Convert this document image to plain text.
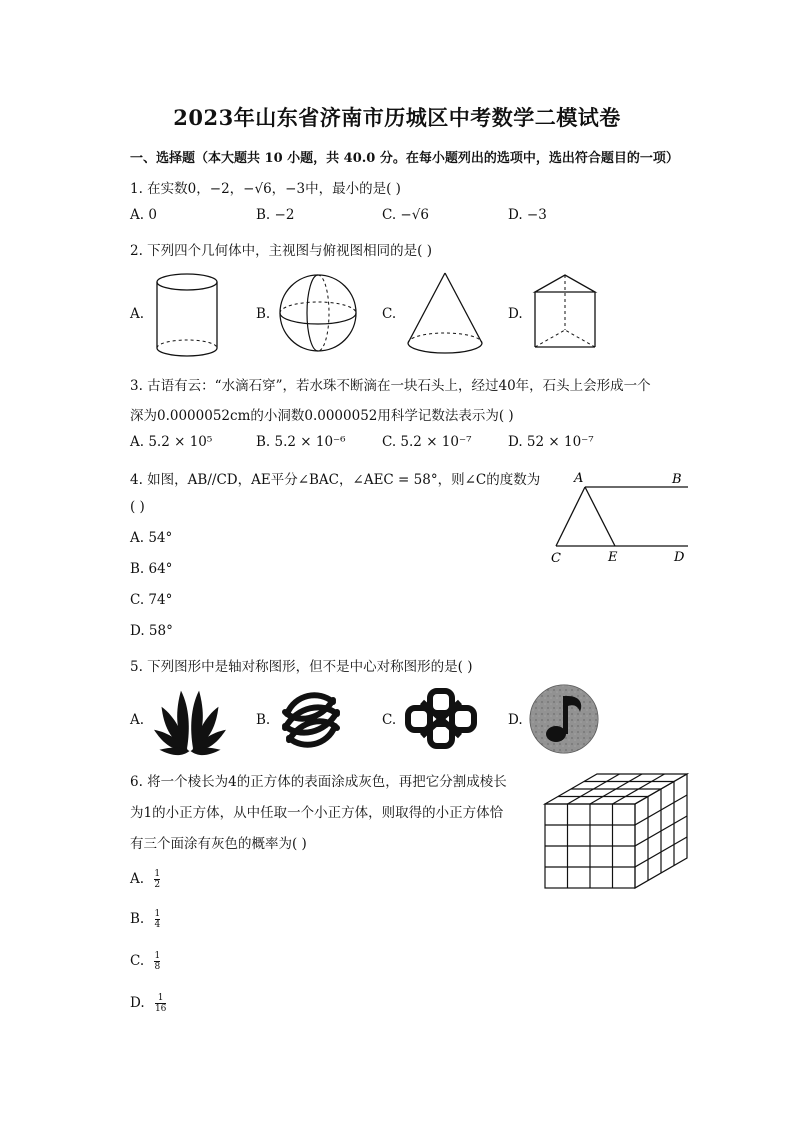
2023年山东省济南市历城区中考数学二模试卷
一、选择题（本大题共 10 小题，共 40.0 分。在每小题列出的选项中，选出符合题目的一项）
1. 在实数0，−2，−√6，−3中，最小的是( )
A. 0	B. −2	C. −√6	D. −3
2. 下列四个几何体中，主视图与俯视图相同的是( )
A.	B.	C.	D.
3. 古语有云：“水滴石穿”，若水珠不断滴在一块石头上，经过40年，石头上会形成一个
深为0.0000052cm的小洞数0.0000052用科学记数法表示为( )
A. 5.2 × 10⁵	B. 5.2 × 10⁻⁶	C. 5.2 × 10⁻⁷	D. 52 × 10⁻⁷
4. 如图，AB//CD，AE平分∠BAC，∠AEC = 58°，则∠C的度数为
( )
A. 54°
B. 64°
C. 74°
D. 58°
A	B
C	E	D
5. 下列图形中是轴对称图形，但不是中心对称图形的是( )
A.	B.	C.	D.
6. 将一个棱长为4的正方体的表面涂成灰色，再把它分割成棱长
为1的小正方体，从中任取一个小正方体，则取得的小正方体恰
有三个面涂有灰色的概率为( )
A. $\frac{1}{2}$
B. $\frac{1}{4}$
C. $\frac{1}{8}$
D. $\frac{1}{16}$
